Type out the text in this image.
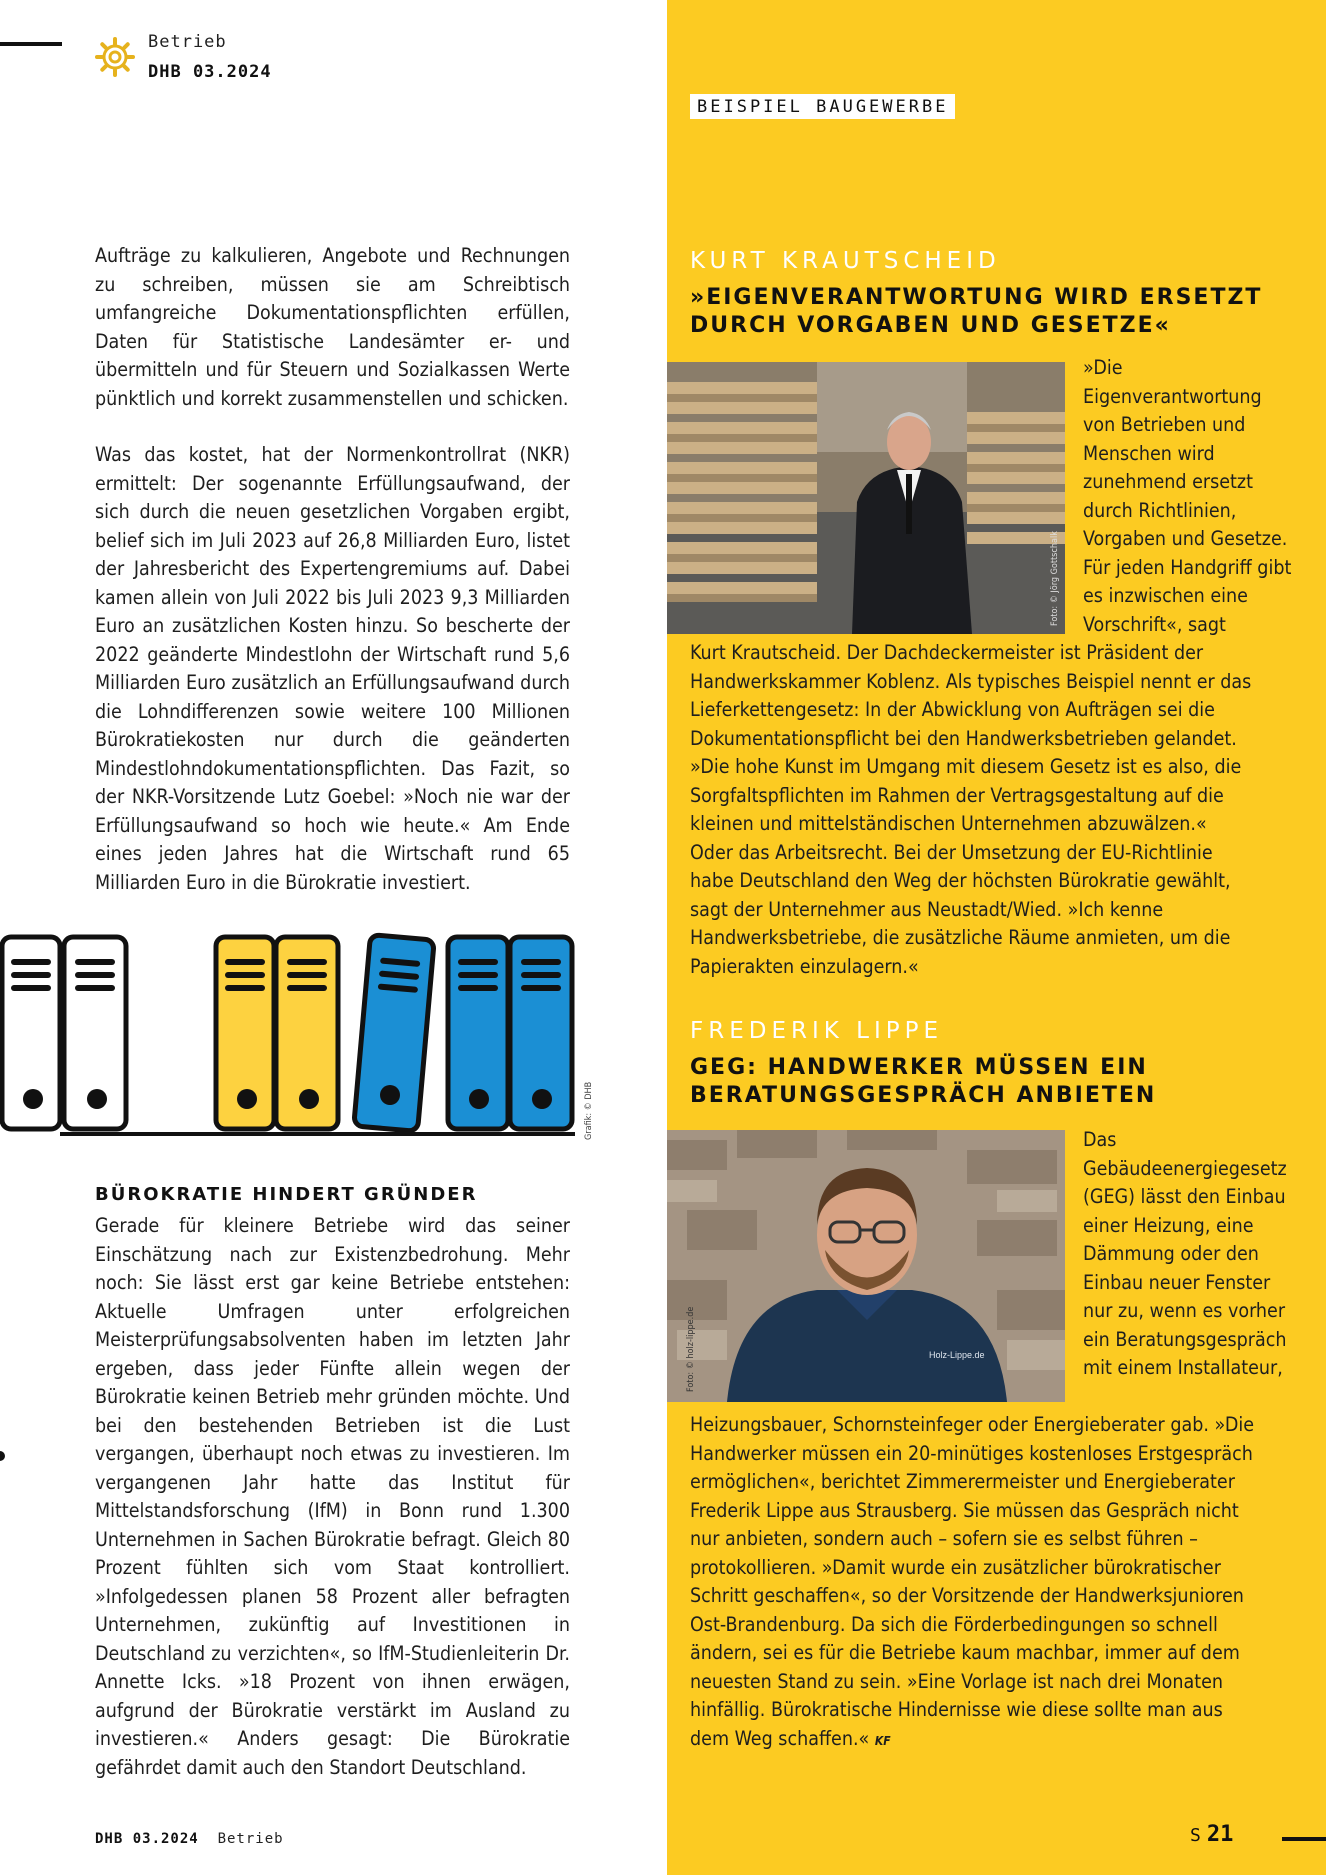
Betrieb
DHB 03.2024
BEISPIEL BAUGEWERBE

Aufträge zu kalkulieren, Angebote und Rechnungen zu schreiben, müssen sie am Schreibtisch umfangreiche Dokumentationspflichten erfüllen, Daten für Statistische Landesämter er- und übermitteln und für Steuern und Sozialkassen Werte pünktlich und korrekt zusammenstellen und schicken.

Was das kostet, hat der Normenkontrollrat (NKR) ermittelt: Der sogenannte Erfüllungsaufwand, der sich durch die neuen gesetzlichen Vorgaben ergibt, belief sich im Juli 2023 auf 26,8 Milliarden Euro, listet der Jahresbericht des Expertengremiums auf. Dabei kamen allein von Juli 2022 bis Juli 2023 9,3 Milliarden Euro an zusätzlichen Kosten hinzu. So bescherte der 2022 geänderte Mindestlohn der Wirtschaft rund 5,6 Milliarden Euro zusätzlich an Erfüllungsaufwand durch die Lohndifferenzen sowie weitere 100 Millionen Bürokratiekosten nur durch die geänderten Mindestlohndokumentationspflichten. Das Fazit, so der NKR-Vorsitzende Lutz Goebel: »Noch nie war der Erfüllungsaufwand so hoch wie heute.« Am Ende eines jeden Jahres hat die Wirtschaft rund 65 Milliarden Euro in die Bürokratie investiert.

Grafik: © DHB
BÜROKRATIE HINDERT GRÜNDER

Gerade für kleinere Betriebe wird das seiner Einschätzung nach zur Existenzbedrohung. Mehr noch: Sie lässt erst gar keine Betriebe entstehen: Aktuelle Umfragen unter erfolgreichen Meisterprüfungsabsolventen haben im letzten Jahr ergeben, dass jeder Fünfte allein wegen der Bürokratie keinen Betrieb mehr gründen möchte. Und bei den bestehenden Betrieben ist die Lust vergangen, überhaupt noch etwas zu investieren. Im vergangenen Jahr hatte das Institut für Mittelstandsforschung (IfM) in Bonn rund 1.300 Unternehmen in Sachen Bürokratie befragt. Gleich 80 Prozent fühlten sich vom Staat kontrolliert. »Infolgedessen planen 58 Prozent aller befragten Unternehmen, zukünftig auf Investitionen in Deutschland zu verzichten«, so IfM-Studienleiterin Dr. Annette Icks. »18 Prozent von ihnen erwägen, aufgrund der Bürokratie verstärkt im Ausland zu investieren.« Anders gesagt: Die Bürokratie gefährdet damit auch den Standort Deutschland.

KURT KRAUTSCHEID
»EIGENVERANTWORTUNG WIRD ERSETZT DURCH VORGABEN UND GESETZE«
Foto: © Jörg Gottschalk

»Die Eigenverantwortung von Betrieben und Menschen wird zunehmend ersetzt durch Richtlinien, Vorgaben und Gesetze. Für jeden Handgriff gibt es inzwischen eine Vorschrift«, sagt

Kurt Krautscheid. Der Dachdeckermeister ist Präsident der Handwerkskammer Koblenz. Als typisches Beispiel nennt er das Lieferkettengesetz: In der Abwicklung von Aufträgen sei die Dokumentationspflicht bei den Handwerksbetrieben gelandet. »Die hohe Kunst im Umgang mit diesem Gesetz ist es also, die Sorgfaltspflichten im Rahmen der Vertragsgestaltung auf die kleinen und mittelständischen Unternehmen abzuwälzen.« Oder das Arbeitsrecht. Bei der Umsetzung der EU-Richtlinie habe Deutschland den Weg der höchsten Bürokratie gewählt, sagt der Unternehmer aus Neustadt/Wied. »Ich kenne Handwerksbetriebe, die zusätzliche Räume anmieten, um die Papierakten einzulagern.«

FREDERIK LIPPE
GEG: HANDWERKER MÜSSEN EIN BERATUNGSGESPRÄCH ANBIETEN
Holz-Lippe.de
Foto: © holz-lippe.de

Das Gebäudeenergiegesetz (GEG) lässt den Einbau einer Heizung, eine Dämmung oder den Einbau neuer Fenster nur zu, wenn es vorher ein Beratungsgespräch mit einem Installateur,

Heizungsbauer, Schornsteinfeger oder Energieberater gab. »Die Handwerker müssen ein 20-minütiges kostenloses Erstgespräch ermöglichen«, berichtet Zimmerermeister und Energieberater Frederik Lippe aus Strausberg. Sie müssen das Gespräch nicht nur anbieten, sondern auch – sofern sie es selbst führen – protokollieren. »Damit wurde ein zusätzlicher bürokratischer Schritt geschaffen«, so der Vorsitzende der Handwerksjunioren Ost-Brandenburg. Da sich die Förderbedingungen so schnell ändern, sei es für die Betriebe kaum machbar, immer auf dem neuesten Stand zu sein. »Eine Vorlage ist nach drei Monaten hinfällig. Bürokratische Hindernisse wie diese sollte man aus dem Weg schaffen.« KF

DHB 03.2024 Betrieb	S 21
